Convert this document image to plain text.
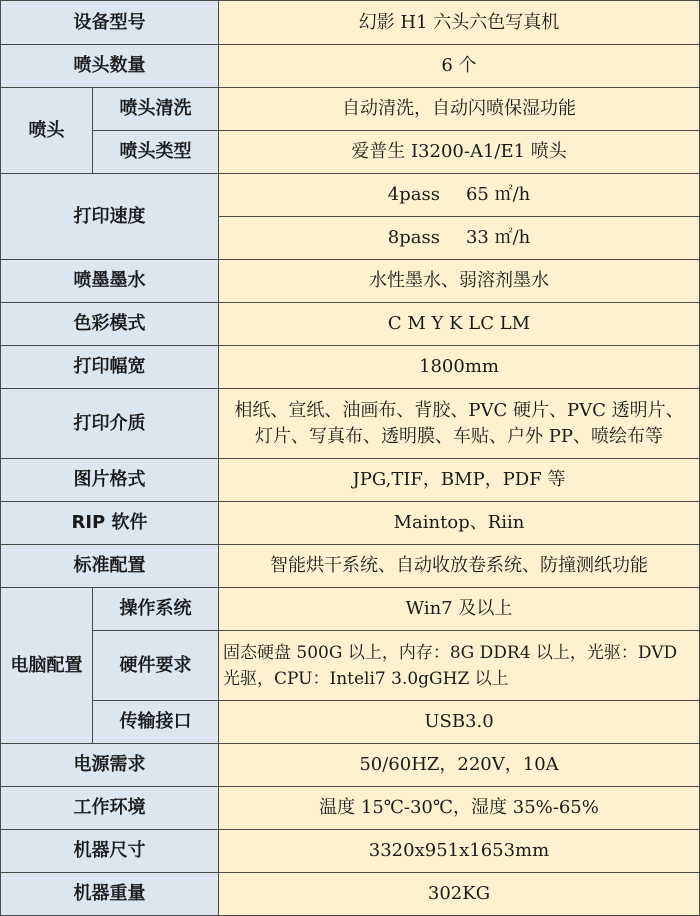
设备型号		幻影 H1 六头六色写真机
喷头数量		6 个
喷头	喷头清洗	自动清洗，自动闪喷保湿功能
	喷头类型	爱普生 I3200-A1/E1 喷头
打印速度		4pass 65 ㎡/h
		8pass 33 ㎡/h
喷墨墨水		水性墨水、弱溶剂墨水
色彩模式		C M Y K LC LM
打印幅宽		1800mm
打印介质		相纸、宣纸、油画布、背胶、PVC 硬片、PVC 透明片、
灯片、写真布、透明膜、车贴、户外 PP、喷绘布等

图片格式		JPG,TIF，BMP，PDF 等
RIP 软件		Maintop、Riin
标准配置		智能烘干系统、自动收放卷系统、防撞测纸功能
电脑配置	操作系统	Win7 及以上
	硬件要求	固态硬盘 500G 以上，内存：8G DDR4 以上，光驱：DVD
光驱，CPU：Inteli7 3.0gGHZ 以上

	传输接口	USB3.0
电源需求		50/60HZ，220V，10A
工作环境		温度 15℃-30℃，湿度 35%-65%
机器尺寸		3320x951x1653mm
机器重量		302KG
